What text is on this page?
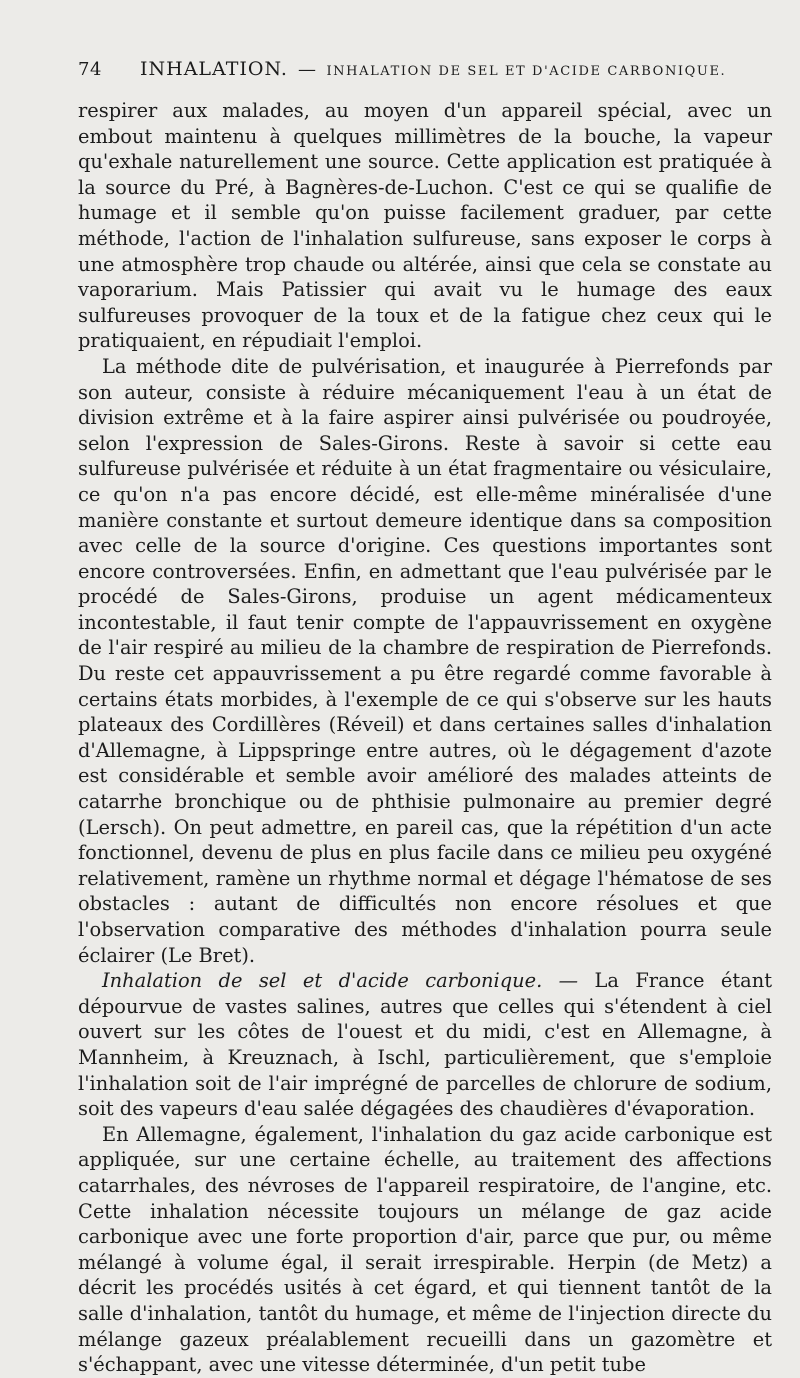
74	INHALATION. — INHALATION DE SEL ET D'ACIDE CARBONIQUE.

respirer aux malades, au moyen d'un appareil spécial, avec un embout maintenu à quelques millimètres de la bouche, la vapeur qu'exhale naturellement une source. Cette application est pratiquée à la source du Pré, à Bagnères-de-Luchon. C'est ce qui se qualifie de humage et il semble qu'on puisse facilement graduer, par cette méthode, l'action de l'inhalation sulfureuse, sans exposer le corps à une atmosphère trop chaude ou altérée, ainsi que cela se constate au vaporarium. Mais Patissier qui avait vu le humage des eaux sulfureuses provoquer de la toux et de la fatigue chez ceux qui le pratiquaient, en répudiait l'emploi.

La méthode dite de pulvérisation, et inaugurée à Pierrefonds par son auteur, consiste à réduire mécaniquement l'eau à un état de division extrême et à la faire aspirer ainsi pulvérisée ou poudroyée, selon l'expression de Sales-Girons. Reste à savoir si cette eau sulfureuse pulvérisée et réduite à un état fragmentaire ou vésiculaire, ce qu'on n'a pas encore décidé, est elle-même minéralisée d'une manière constante et surtout demeure identique dans sa composition avec celle de la source d'origine. Ces questions importantes sont encore controversées. Enfin, en admettant que l'eau pulvérisée par le procédé de Sales-Girons, produise un agent médicamenteux incontestable, il faut tenir compte de l'appauvrissement en oxygène de l'air respiré au milieu de la chambre de respiration de Pierrefonds. Du reste cet appauvrissement a pu être regardé comme favorable à certains états morbides, à l'exemple de ce qui s'observe sur les hauts plateaux des Cordillères (Réveil) et dans certaines salles d'inhalation d'Allemagne, à Lippspringe entre autres, où le dégagement d'azote est considérable et semble avoir amélioré des malades atteints de catarrhe bronchique ou de phthisie pulmonaire au premier degré (Lersch). On peut admettre, en pareil cas, que la répétition d'un acte fonctionnel, devenu de plus en plus facile dans ce milieu peu oxygéné relativement, ramène un rhythme normal et dégage l'hématose de ses obstacles : autant de difficultés non encore résolues et que l'observation comparative des méthodes d'inhalation pourra seule éclairer (Le Bret).

Inhalation de sel et d'acide carbonique. — La France étant dépourvue de vastes salines, autres que celles qui s'étendent à ciel ouvert sur les côtes de l'ouest et du midi, c'est en Allemagne, à Mannheim, à Kreuznach, à Ischl, particulièrement, que s'emploie l'inhalation soit de l'air imprégné de parcelles de chlorure de sodium, soit des vapeurs d'eau salée dégagées des chaudières d'évaporation.

En Allemagne, également, l'inhalation du gaz acide carbonique est appliquée, sur une certaine échelle, au traitement des affections catarrhales, des névroses de l'appareil respiratoire, de l'angine, etc. Cette inhalation nécessite toujours un mélange de gaz acide carbonique avec une forte proportion d'air, parce que pur, ou même mélangé à volume égal, il serait irrespirable. Herpin (de Metz) a décrit les procédés usités à cet égard, et qui tiennent tantôt de la salle d'inhalation, tantôt du humage, et même de l'injection directe du mélange gazeux préalablement recueilli dans un gazomètre et s'échappant, avec une vitesse déterminée, d'un petit tube
